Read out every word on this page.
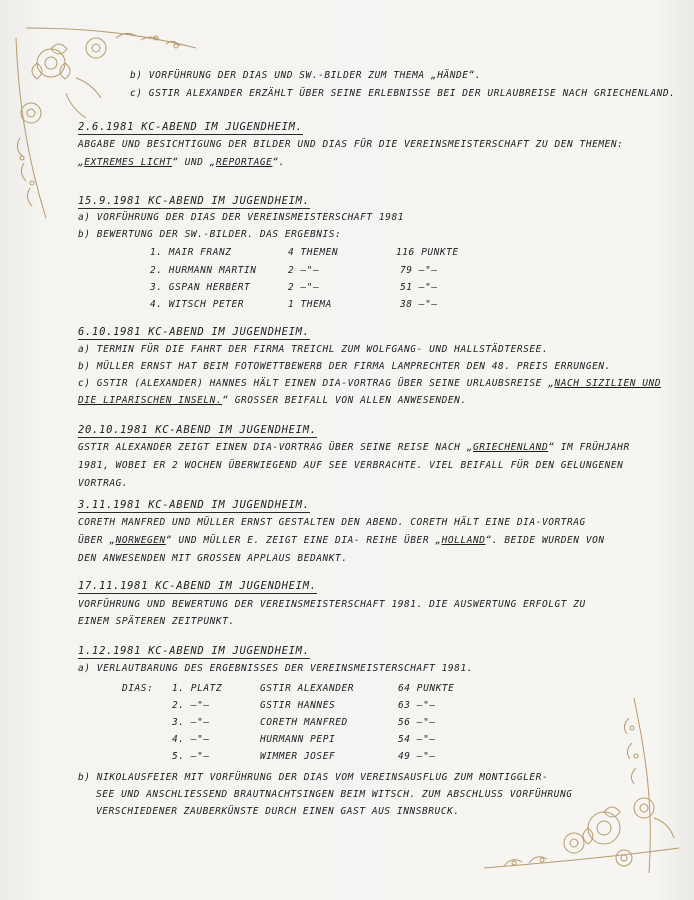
b) VORFÜHRUNG DER DIAS UND SW.-BILDER ZUM THEMA „HÄNDE“.
c) GSTIR ALEXANDER ERZÄHLT ÜBER SEINE ERLEBNISSE BEI DER URLAUBREISE NACH GRIECHENLAND.
2.6.1981 KC-ABEND IM JUGENDHEIM.
ABGABE UND BESICHTIGUNG DER BILDER UND DIAS FÜR DIE VEREINSMEISTERSCHAFT ZU DEN THEMEN:
„EXTREMES LICHT“ UND „REPORTAGE“.
15.9.1981 KC-ABEND IM JUGENDHEIM.
a) VORFÜHRUNG DER DIAS DER VEREINSMEISTERSCHAFT 1981
b) BEWERTUNG DER SW.-BILDER. DAS ERGEBNIS:
1. MAIR FRANZ	4 THEMEN	116 PUNKTE
2. HURMANN MARTIN	2 –"–	79 –"–
3. GSPAN HERBERT	2 –"–	51 –"–
4. WITSCH PETER	1 THEMA	38 –"–
6.10.1981 KC-ABEND IM JUGENDHEIM.
a) TERMIN FÜR DIE FAHRT DER FIRMA TREICHL ZUM WOLFGANG- UND HALLSTÄDTERSEE.
b) MÜLLER ERNST HAT BEIM FOTOWETTBEWERB DER FIRMA LAMPRECHTER DEN 48. PREIS ERRUNGEN.
c) GSTIR (ALEXANDER) HANNES HÄLT EINEN DIA-VORTRAG ÜBER SEINE URLAUBSREISE „NACH SIZILIEN UND
DIE LIPARISCHEN INSELN.“ GROSSER BEIFALL VON ALLEN ANWESENDEN.
20.10.1981 KC-ABEND IM JUGENDHEIM.
GSTIR ALEXANDER ZEIGT EINEN DIA-VORTRAG ÜBER SEINE REISE NACH „GRIECHENLAND“ IM FRÜHJAHR
1981, WOBEI ER 2 WOCHEN ÜBERWIEGEND AUF SEE VERBRACHTE. VIEL BEIFALL FÜR DEN GELUNGENEN
VORTRAG.
3.11.1981 KC-ABEND IM JUGENDHEIM.
CORETH MANFRED UND MÜLLER ERNST GESTALTEN DEN ABEND. CORETH HÄLT EINE DIA-VORTRAG
ÜBER „NORWEGEN“ UND MÜLLER E. ZEIGT EINE DIA- REIHE ÜBER „HOLLAND“. BEIDE WURDEN VON
DEN ANWESENDEN MIT GROSSEN APPLAUS BEDANKT.
17.11.1981 KC-ABEND IM JUGENDHEIM.
VORFÜHRUNG UND BEWERTUNG DER VEREINSMEISTERSCHAFT 1981. DIE AUSWERTUNG ERFOLGT ZU
EINEM SPÄTEREN ZEITPUNKT.
1.12.1981 KC-ABEND IM JUGENDHEIM.
a) VERLAUTBARUNG DES ERGEBNISSES DER VEREINSMEISTERSCHAFT 1981.
DIAS: 1. PLATZ	GSTIR ALEXANDER	64 PUNKTE
2. –"–	GSTIR HANNES	63 –"–
3. –"–	CORETH MANFRED	56 –"–
4. –"–	HURMANN PEPI	54 –"–
5. –"–	WIMMER JOSEF	49 –"–
b) NIKOLAUSFEIER MIT VORFÜHRUNG DER DIAS VOM VEREINSAUSFLUG ZUM MONTIGGLER-
SEE UND ANSCHLIESSEND BRAUTNACHTSINGEN BEIM WITSCH. ZUM ABSCHLUSS VORFÜHRUNG
VERSCHIEDENER ZAUBERKÜNSTE DURCH EINEN GAST AUS INNSBRUCK.
